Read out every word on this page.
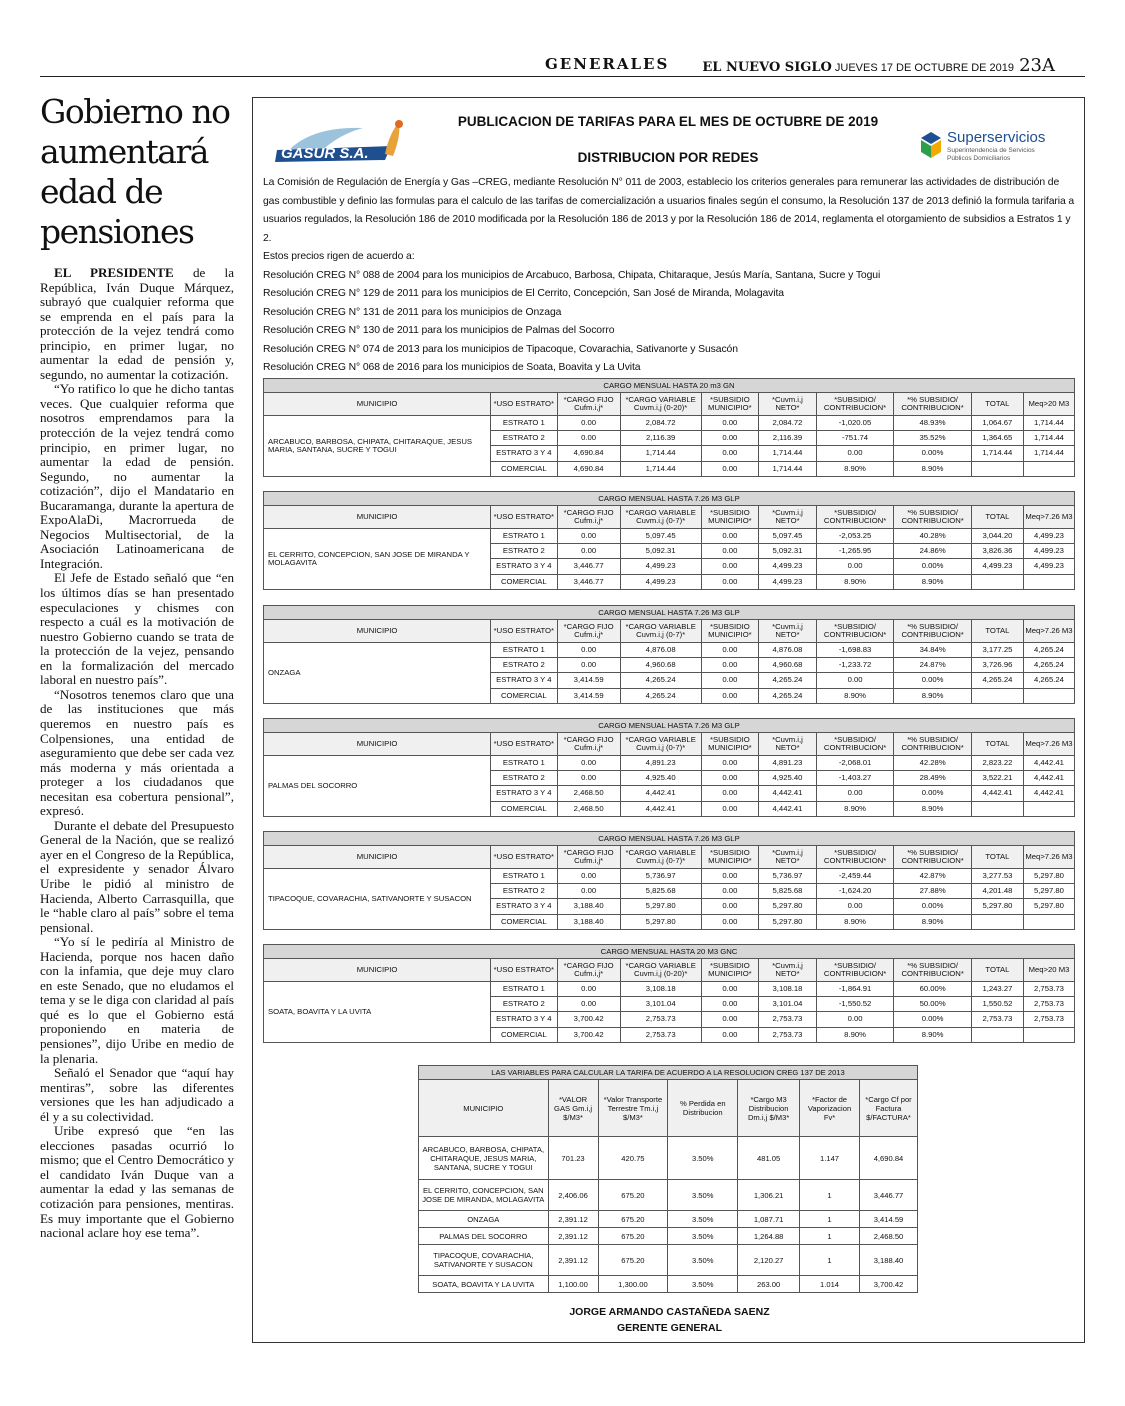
GENERALES	EL NUEVO SIGLO JUEVES 17 DE OCTUBRE DE 2019 23A
Gobierno no aumentará edad de pensiones

EL PRESIDENTE de la República, Iván Duque Márquez, subrayó que cualquier reforma que se emprenda en el país para la protección de la vejez tendrá como principio, en primer lugar, no aumentar la edad de pensión y, segundo, no aumentar la cotización.

“Yo ratifico lo que he dicho tantas veces. Que cualquier reforma que nosotros emprendamos para la protección de la vejez tendrá como principio, en primer lugar, no aumentar la edad de pensión. Segundo, no aumentar la cotización”, dijo el Mandatario en Bucaramanga, durante la apertura de ExpoAlaDi, Macrorrueda de Negocios Multisectorial, de la Asociación Latinoamericana de Integración.

El Jefe de Estado señaló que “en los últimos días se han presentado especulaciones y chismes con respecto a cuál es la motivación de nuestro Gobierno cuando se trata de la protección de la vejez, pensando en la formalización del mercado laboral en nuestro país”.

“Nosotros tenemos claro que una de las instituciones que más queremos en nuestro país es Colpensiones, una entidad de aseguramiento que debe ser cada vez más moderna y más orientada a proteger a los ciudadanos que necesitan esa cobertura pensional”, expresó.

Durante el debate del Presupuesto General de la Nación, que se realizó ayer en el Congreso de la República, el expresidente y senador Álvaro Uribe le pidió al ministro de Hacienda, Alberto Carrasquilla, que le “hable claro al país” sobre el tema pensional.

“Yo sí le pediría al Ministro de Hacienda, porque nos hacen daño con la infamia, que deje muy claro en este Senado, que no eludamos el tema y se le diga con claridad al país qué es lo que el Gobierno está proponiendo en materia de pensiones”, dijo Uribe en medio de la plenaria.

Señaló el Senador que “aquí hay mentiras”, sobre las diferentes versiones que les han adjudicado a él y a su colectividad.

Uribe expresó que “en las elecciones pasadas ocurrió lo mismo; que el Centro Democrático y el candidato Iván Duque van a aumentar la edad y las semanas de cotización para pensiones, mentiras. Es muy importante que el Gobierno nacional aclare hoy ese tema”.

GASUR S.A.
Superservicios
Superintendencia de Servicios
Públicos Domiciliarios
PUBLICACION DE TARIFAS PARA EL MES DE OCTUBRE DE 2019
DISTRIBUCION POR REDES

La Comisión de Regulación de Energía y Gas –CREG, mediante Resolución N° 011 de 2003, establecio los criterios generales para remunerar las actividades de distribución de gas combustible y definio las formulas para el calculo de las tarifas de comercialización a usuarios finales según el consumo, la Resolución 137 de 2013 definió la formula tarifaria a usuarios regulados, la Resolución 186 de 2010 modificada por la Resolución 186 de 2013 y por la Resolución 186 de 2014, reglamenta el otorgamiento de subsidios a Estratos 1 y 2.

Estos precios rigen de acuerdo a:

Resolución CREG N° 088 de 2004 para los municipios de Arcabuco, Barbosa, Chipata, Chitaraque, Jesús María, Santana, Sucre y Togui

Resolución CREG N° 129 de 2011 para los municipios de El Cerrito, Concepción, San José de Miranda, Molagavita

Resolución CREG N° 131 de 2011 para los municipios de Onzaga

Resolución CREG N° 130 de 2011 para los municipios de Palmas del Socorro

Resolución CREG N° 074 de 2013 para los municipios de Tipacoque, Covarachia, Sativanorte y Susacón

Resolución CREG N° 068 de 2016 para los municipios de Soata, Boavita y La Uvita

CARGO MENSUAL HASTA 20 m3 GN									
MUNICIPIO	*USO ESTRATO*	*CARGO FIJO Cufm.i,j*	*CARGO VARIABLE Cuvm.i,j (0-20)*	*SUBSIDIO MUNICIPIO*	*Cuvm.i,j NETO*	*SUBSIDIO/ CONTRIBUCION*	*% SUBSIDIO/ CONTRIBUCION*	TOTAL	Meq>20 M3
ARCABUCO, BARBOSA, CHIPATA, CHITARAQUE, JESUS MARIA, SANTANA, SUCRE Y TOGUI	ESTRATO 1	0.00	2,084.72	0.00	2,084.72	-1,020.05	48.93%	1,064.67	1,714.44
	ESTRATO 2	0.00	2,116.39	0.00	2,116.39	-751.74	35.52%	1,364.65	1,714.44
	ESTRATO 3 Y 4	4,690.84	1,714.44	0.00	1,714.44	0.00	0.00%	1,714.44	1,714.44
	COMERCIAL	4,690.84	1,714.44	0.00	1,714.44	8.90%	8.90%		
CARGO MENSUAL HASTA 7.26 M3 GLP									
MUNICIPIO	*USO ESTRATO*	*CARGO FIJO Cufm.i,j*	*CARGO VARIABLE Cuvm.i,j (0-7)*	*SUBSIDIO MUNICIPIO*	*Cuvm.i,j NETO*	*SUBSIDIO/ CONTRIBUCION*	*% SUBSIDIO/ CONTRIBUCION*	TOTAL	Meq>7.26 M3
EL CERRITO, CONCEPCION, SAN JOSE DE MIRANDA Y MOLAGAVITA	ESTRATO 1	0.00	5,097.45	0.00	5,097.45	-2,053.25	40.28%	3,044.20	4,499.23
	ESTRATO 2	0.00	5,092.31	0.00	5,092.31	-1,265.95	24.86%	3,826.36	4,499.23
	ESTRATO 3 Y 4	3,446.77	4,499.23	0.00	4,499.23	0.00	0.00%	4,499.23	4,499.23
	COMERCIAL	3,446.77	4,499.23	0.00	4,499.23	8.90%	8.90%		
CARGO MENSUAL HASTA 7.26 M3 GLP									
MUNICIPIO	*USO ESTRATO*	*CARGO FIJO Cufm.i,j*	*CARGO VARIABLE Cuvm.i,j (0-7)*	*SUBSIDIO MUNICIPIO*	*Cuvm.i,j NETO*	*SUBSIDIO/ CONTRIBUCION*	*% SUBSIDIO/ CONTRIBUCION*	TOTAL	Meq>7.26 M3
ONZAGA	ESTRATO 1	0.00	4,876.08	0.00	4,876.08	-1,698.83	34.84%	3,177.25	4,265.24
	ESTRATO 2	0.00	4,960.68	0.00	4,960.68	-1,233.72	24.87%	3,726.96	4,265.24
	ESTRATO 3 Y 4	3,414.59	4,265.24	0.00	4,265.24	0.00	0.00%	4,265.24	4,265.24
	COMERCIAL	3,414.59	4,265.24	0.00	4,265.24	8.90%	8.90%		
CARGO MENSUAL HASTA 7.26 M3 GLP									
MUNICIPIO	*USO ESTRATO*	*CARGO FIJO Cufm.i,j*	*CARGO VARIABLE Cuvm.i,j (0-7)*	*SUBSIDIO MUNICIPIO*	*Cuvm.i,j NETO*	*SUBSIDIO/ CONTRIBUCION*	*% SUBSIDIO/ CONTRIBUCION*	TOTAL	Meq>7.26 M3
PALMAS DEL SOCORRO	ESTRATO 1	0.00	4,891.23	0.00	4,891.23	-2,068.01	42.28%	2,823.22	4,442.41
	ESTRATO 2	0.00	4,925.40	0.00	4,925.40	-1,403.27	28.49%	3,522.21	4,442.41
	ESTRATO 3 Y 4	2,468.50	4,442.41	0.00	4,442.41	0.00	0.00%	4,442.41	4,442.41
	COMERCIAL	2,468.50	4,442.41	0.00	4,442.41	8.90%	8.90%		
CARGO MENSUAL HASTA 7.26 M3 GLP									
MUNICIPIO	*USO ESTRATO*	*CARGO FIJO Cufm.i,j*	*CARGO VARIABLE Cuvm.i,j (0-7)*	*SUBSIDIO MUNICIPIO*	*Cuvm.i,j NETO*	*SUBSIDIO/ CONTRIBUCION*	*% SUBSIDIO/ CONTRIBUCION*	TOTAL	Meq>7.26 M3
TIPACOQUE, COVARACHIA, SATIVANORTE Y SUSACON	ESTRATO 1	0.00	5,736.97	0.00	5,736.97	-2,459.44	42.87%	3,277.53	5,297.80
	ESTRATO 2	0.00	5,825.68	0.00	5,825.68	-1,624.20	27.88%	4,201.48	5,297.80
	ESTRATO 3 Y 4	3,188.40	5,297.80	0.00	5,297.80	0.00	0.00%	5,297.80	5,297.80
	COMERCIAL	3,188.40	5,297.80	0.00	5,297.80	8.90%	8.90%		
CARGO MENSUAL HASTA 20 M3 GNC									
MUNICIPIO	*USO ESTRATO*	*CARGO FIJO Cufm.i,j*	*CARGO VARIABLE Cuvm.i,j (0-20)*	*SUBSIDIO MUNICIPIO*	*Cuvm.i,j NETO*	*SUBSIDIO/ CONTRIBUCION*	*% SUBSIDIO/ CONTRIBUCION*	TOTAL	Meq>20 M3
SOATA, BOAVITA Y LA UVITA	ESTRATO 1	0.00	3,108.18	0.00	3,108.18	-1,864.91	60.00%	1,243.27	2,753.73
	ESTRATO 2	0.00	3,101.04	0.00	3,101.04	-1,550.52	50.00%	1,550.52	2,753.73
	ESTRATO 3 Y 4	3,700.42	2,753.73	0.00	2,753.73	0.00	0.00%	2,753.73	2,753.73
	COMERCIAL	3,700.42	2,753.73	0.00	2,753.73	8.90%	8.90%		
LAS VARIABLES PARA CALCULAR LA TARIFA DE ACUERDO A LA RESOLUCION CREG 137 DE 2013						
MUNICIPIO	*VALOR GAS Gm.i,j $/M3*	*Valor Transporte Terrestre Tm.i,j $/M3*	% Perdida en Distribucion	*Cargo M3 Distribucion Dm.i,j $/M3*	*Factor de Vaporizacion Fv*	*Cargo Cf por Factura $/FACTURA*
ARCABUCO, BARBOSA, CHIPATA, CHITARAQUE, JESUS MARIA, SANTANA, SUCRE Y TOGUI	701.23	420.75	3.50%	481.05	1.147	4,690.84
EL CERRITO, CONCEPCION, SAN JOSE DE MIRANDA, MOLAGAVITA	2,406.06	675.20	3.50%	1,306.21	1	3,446.77
ONZAGA	2,391.12	675.20	3.50%	1,087.71	1	3,414.59
PALMAS DEL SOCORRO	2,391.12	675.20	3.50%	1,264.88	1	2,468.50
TIPACOQUE, COVARACHIA, SATIVANORTE Y SUSACON	2,391.12	675.20	3.50%	2,120.27	1	3,188.40
SOATA, BOAVITA Y LA UVITA	1,100.00	1,300.00	3.50%	263.00	1.014	3,700.42
JORGE ARMANDO CASTAÑEDA SAENZ
GERENTE GENERAL
